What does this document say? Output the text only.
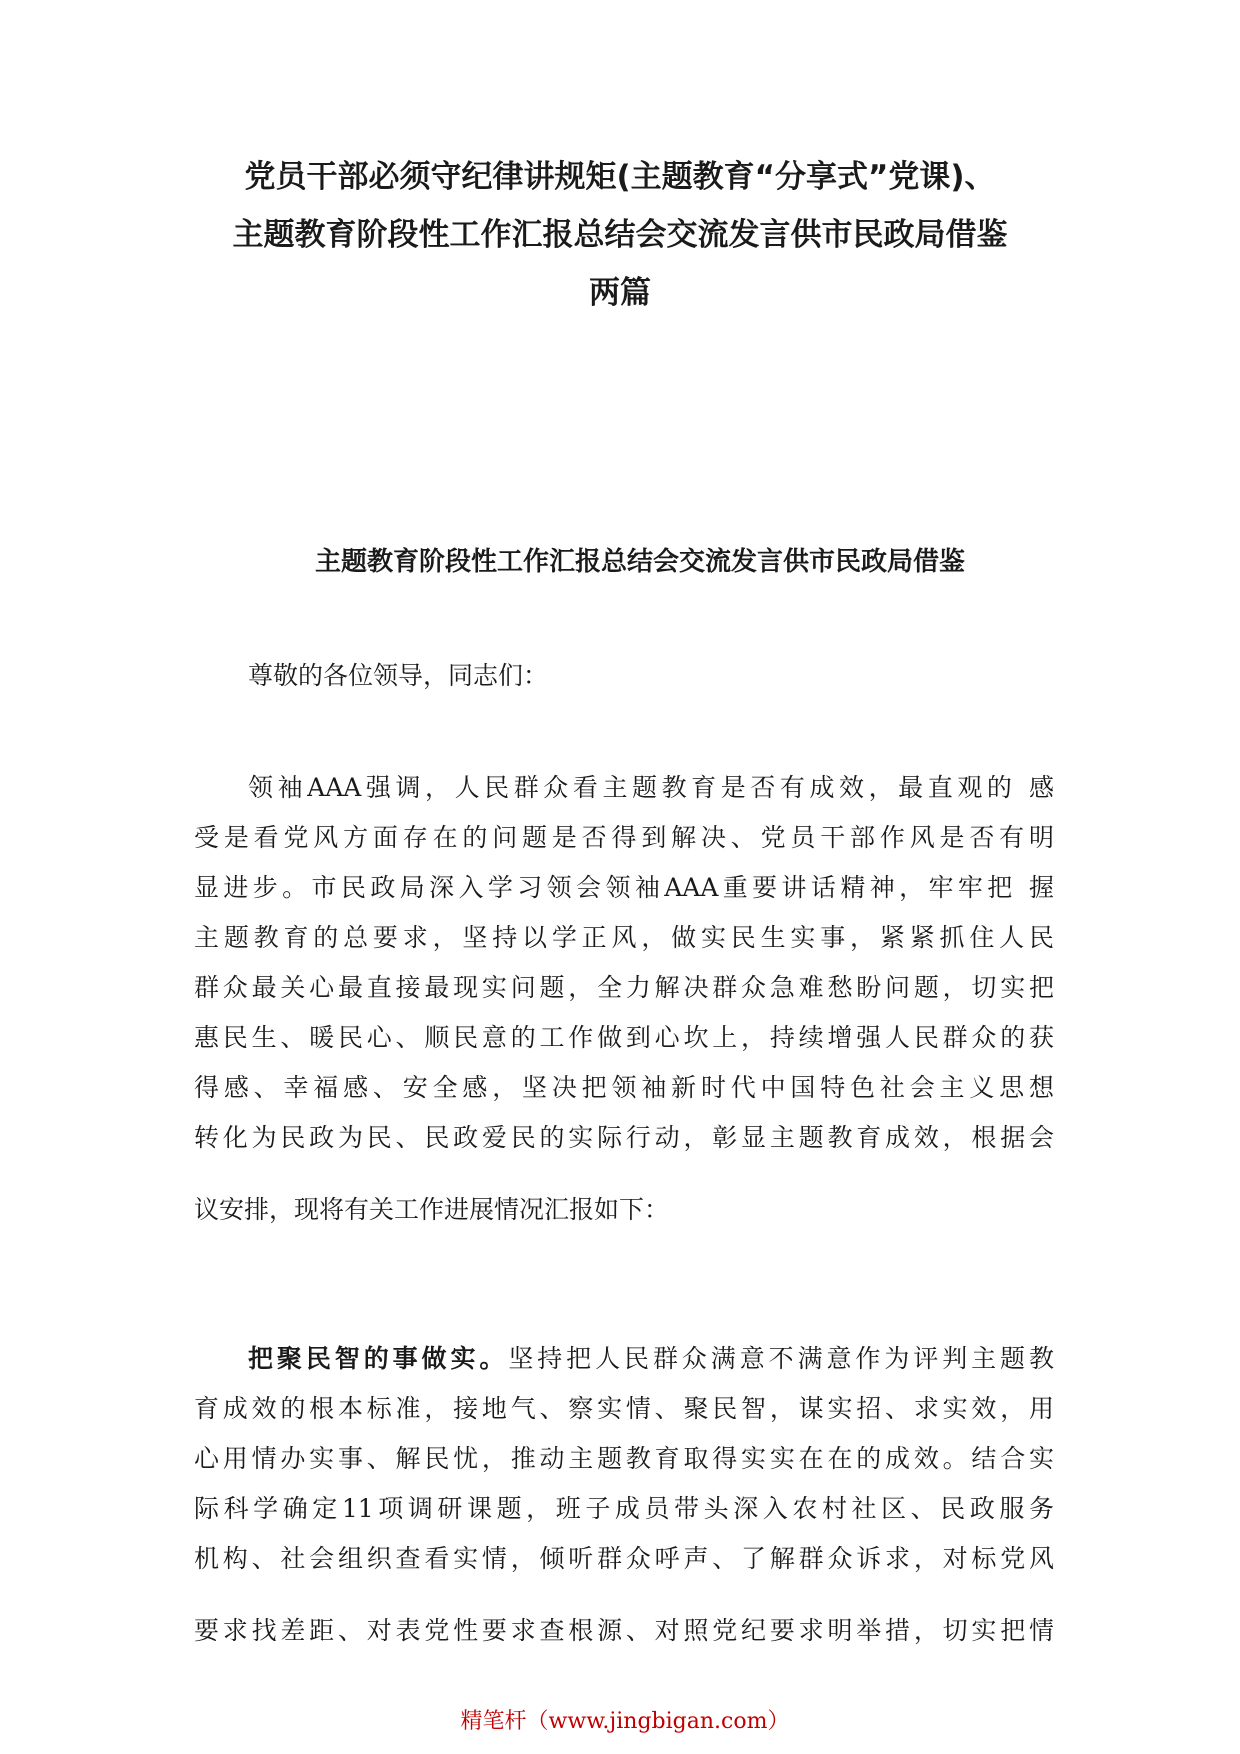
党员干部必须守纪律讲规矩(主题教育“分享式”党课)、
主题教育阶段性工作汇报总结会交流发言供市民政局借鉴
两篇
主题教育阶段性工作汇报总结会交流发言供市民政局借鉴

尊敬的各位领导，同志们：

领袖AAA强调，人民群众看主题教育是否有成效，最直观的 感
受是看党风方面存在的问题是否得到解决、党员干部作风是否有明
显进步。市民政局深入学习领会领袖AAA重要讲话精神，牢牢把 握
主题教育的总要求，坚持以学正风，做实民生实事，紧紧抓住人民
群众最关心最直接最现实问题，全力解决群众急难愁盼问题，切实把
惠民生、暖民心、顺民意的工作做到心坎上，持续增强人民群众的获
得感、幸福感、安全感，坚决把领袖新时代中国特色社会主义思想
转化为民政为民、民政爱民的实际行动，彰显主题教育成效，根据会
议安排，现将有关工作进展情况汇报如下：
把聚民智的事做实。坚持把人民群众满意不满意作为评判主题教
育成效的根本标准，接地气、察实情、聚民智，谋实招、求实效，用
心用情办实事、解民忧，推动主题教育取得实实在在的成效。结合实
际科学确定11项调研课题，班子成员带头深入农村社区、民政服务
机构、社会组织查看实情，倾听群众呼声、了解群众诉求，对标党风
要求找差距、对表党性要求查根源、对照党纪要求明举措，切实把情
精笔杆（www.jingbigan.com）
